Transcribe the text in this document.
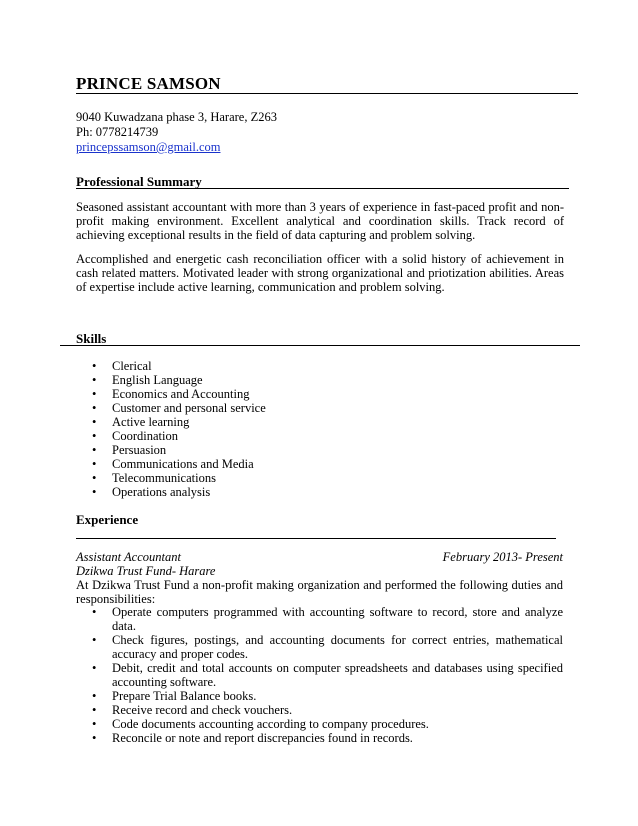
PRINCE SAMSON
9040 Kuwadzana phase 3, Harare, Z263
Ph: 0778214739
princepssamson@gmail.com
Professional Summary
Seasoned assistant accountant with more than 3 years of experience in fast-paced profit and non-profit making environment. Excellent analytical and coordination skills. Track record of achieving exceptional results in the field of data capturing and problem solving.
Accomplished and energetic cash reconciliation officer with a solid history of achievement in cash related matters. Motivated leader with strong organizational and priotization abilities. Areas of expertise include active learning, communication and problem solving.
Skills
• Clerical
• English Language
• Economics and Accounting
• Customer and personal service
• Active learning
• Coordination
• Persuasion
• Communications and Media
• Telecommunications
• Operations analysis
Experience
Assistant Accountant	February 2013- Present
Dzikwa Trust Fund- Harare
At Dzikwa Trust Fund a non-profit making organization and performed the following duties and responsibilities:
• Operate computers programmed with accounting software to record, store and analyze data.
• Check figures, postings, and accounting documents for correct entries, mathematical accuracy and proper codes.
• Debit, credit and total accounts on computer spreadsheets and databases using specified accounting software.
• Prepare Trial Balance books.
• Receive record and check vouchers.
• Code documents accounting according to company procedures.
• Reconcile or note and report discrepancies found in records.
